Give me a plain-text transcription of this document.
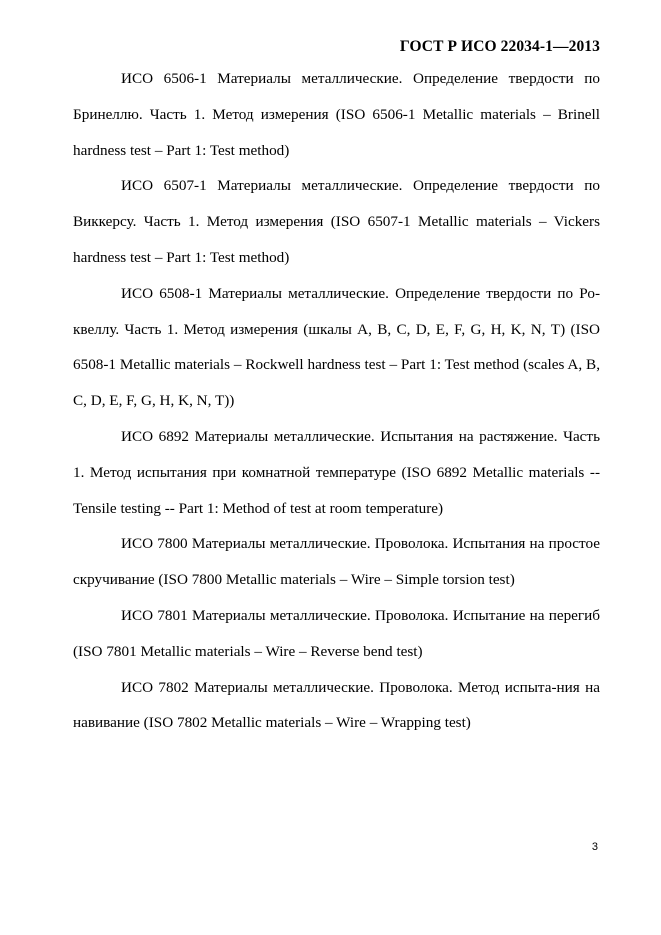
ГОСТ Р ИСО 22034-1—2013

ИСО 6506-1 Материалы металлические. Определение твердости по Бринеллю. Часть 1. Метод измерения (ISO 6506-1 Metallic materials – Brinell hardness test – Part 1: Test method)

ИСО 6507-1 Материалы металлические. Определение твердости по Виккерсу. Часть 1. Метод измерения (ISO 6507-1 Metallic materials – Vickers hardness test – Part 1: Test method)

ИСО 6508-1 Материалы металлические. Определение твердости по Роквеллу. Часть 1. Метод измерения (шкалы А, В, С, D, Е, F, G, Н, K, N, Т) (ISO 6508-1 Metallic materials – Rockwell hardness test – Part 1: Test method (scales A, B, C, D, E, F, G, H, K, N, T))

ИСО 6892 Материалы металлические. Испытания на растяжение. Часть 1. Метод испытания при комнатной температуре (ISO 6892 Metallic materials -- Tensile testing -- Part 1: Method of test at room temperature)

ИСО 7800 Материалы металлические. Проволока. Испытания на простое скручивание (ISO 7800 Metallic materials – Wire – Simple torsion test)

ИСО 7801 Материалы металлические. Проволока. Испытание на перегиб (ISO 7801 Metallic materials – Wire – Reverse bend test)

ИСО 7802 Материалы металлические. Проволока. Метод испыта-ния на навивание (ISO 7802 Metallic materials – Wire – Wrapping test)

3
